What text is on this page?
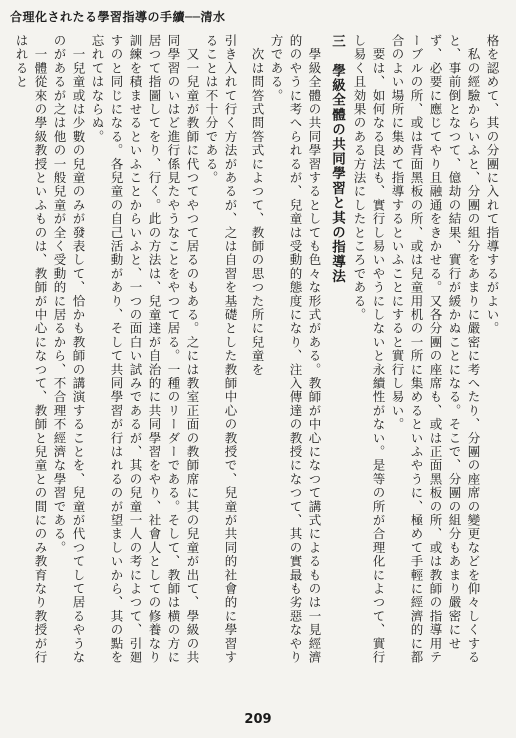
合理化されたる學習指導の手續──清水

格を認めて、其の分團に入れて指導するがよい。

　私の經驗からいふと、分團の組分をあまりに嚴密に考へたり、分團の座席の變更などを仰々しくすると、事前倒となつて、億劫の結果、實行が緩かぬことになる。そこで、分團の組分もあまり嚴密にせず、必要に應じてやり且融通をきかせる。又各分團の座席も、或は正面黑板の所、或は教師の指導用テーブルの所、或は背面黑板の所、或は兒童用机の一所に集めるといふやうに、極めて手輕に經濟的に都合のよい場所に集めて指導するといふことにすると實行し易い。

　要は、如何なる良法も、實行し易いやうにしないと永續性がない。是等の所が合理化によつて、實行し易く且効果のある方法にしたところである。

三　學級全體の共同學習と其の指導法

　學級全體の共同學習するとしても色々な形式がある。教師が中心になつて講式によるものは一見經濟的のやうに考へられるが、兒童は受動的態度になり、注入傳達の教授になつて、其の實最も劣惡なやり方である。

　次は問答式問答式によつて、教師の思つた所に兒童を

引き入れて行く方法があるが、之は自習を基礎とした教師中心の教授で、兒童が共同的社會的に學習することは不十分である。

　又一兒童が教師に代つてやつて居るのもある。之には教室正面の教師席に其の兒童が出て、學級の共同學習のいはど進行係見たやうなことをやつて居る。一種のリーダーである。そして、教師は横の方に居つて指圖してをり、行く。此の方法は、兒童達が自治的に共同學習をやり、社會人としての修養なり訓練を積ませるといふことからいふと、一つの面白い試みであるが、其の兒童一人の考によつて、引廻すのと同じになる。各兒童の自己活動があり、そして共同學習が行はれるのが望ましいから、其の點を忘れてはならぬ。

　一兒童或は少數の兒童のみが發表して、恰かも教師の講演することを、兒童が代つてして居るやうなのがあるが之は他の一般兒童が全く受動的に居るから、不合理不經濟な學習である。

　一體從來の學級教授といふものは、教師が中心になつて、教師と兒童との間にのみ教育なり教授が行はれると

209
